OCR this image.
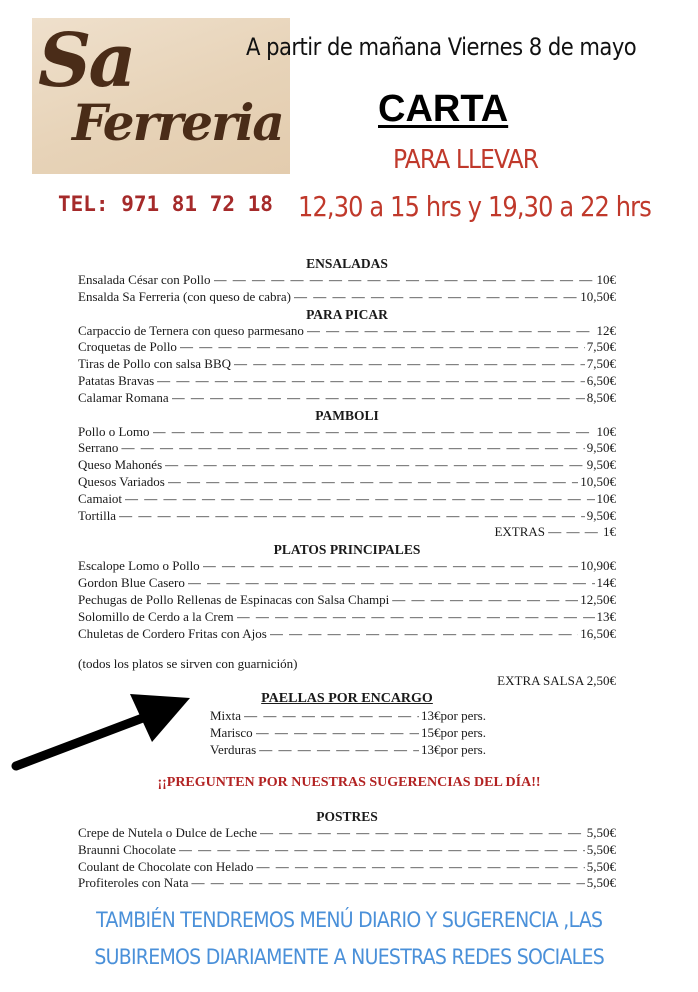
Sa
Ferreria
A partir de mañana Viernes 8 de mayo
CARTA
PARA LLEVAR
TEL: 971 81 72 18 12,30 a 15 hrs y 19,30 a 22 hrs
ENSALADAS
Ensalada César con Pollo — — —	10€
Ensalda Sa Ferreria (con queso de cabra) — — —	10,50€
PARA PICAR
Carpaccio de Ternera con queso parmesano — — —	12€
Croquetas de Pollo — — —	7,50€
Tiras de Pollo con salsa BBQ — — —	7,50€
Patatas Bravas — — —	6,50€
Calamar Romana — — —	8,50€
PAMBOLI
Pollo o Lomo — — —	10€
Serrano — — —	9,50€
Queso Mahonés — — —	9,50€
Quesos Variados — — —	10,50€
Camaiot — — —	10€
Tortilla — — —	9,50€
EXTRAS — — — 1€
PLATOS PRINCIPALES
Escalope Lomo o Pollo — — —	10,90€
Gordon Blue Casero — — —	14€
Pechugas de Pollo Rellenas de Espinacas con Salsa Champi — — —	12,50€
Solomillo de Cerdo a la Crem — — —	13€
Chuletas de Cordero Fritas con Ajos — — —	16,50€
(todos los platos se sirven con guarnición)
EXTRA SALSA 2,50€
PAELLAS POR ENCARGO
Mixta — — —	13€por pers.
Marisco — — —	15€por pers.
Verduras — — —	13€por pers.
¡¡PREGUNTEN POR NUESTRAS SUGERENCIAS DEL DÍA!!
POSTRES
Crepe de Nutela o Dulce de Leche — — —	5,50€
Braunni Chocolate — — —	5,50€
Coulant de Chocolate con Helado — — —	5,50€
Profiteroles con Nata — — —	5,50€
TAMBIÉN TENDREMOS MENÚ DIARIO Y SUGERENCIA ,LAS
SUBIREMOS DIARIAMENTE A NUESTRAS REDES SOCIALES
